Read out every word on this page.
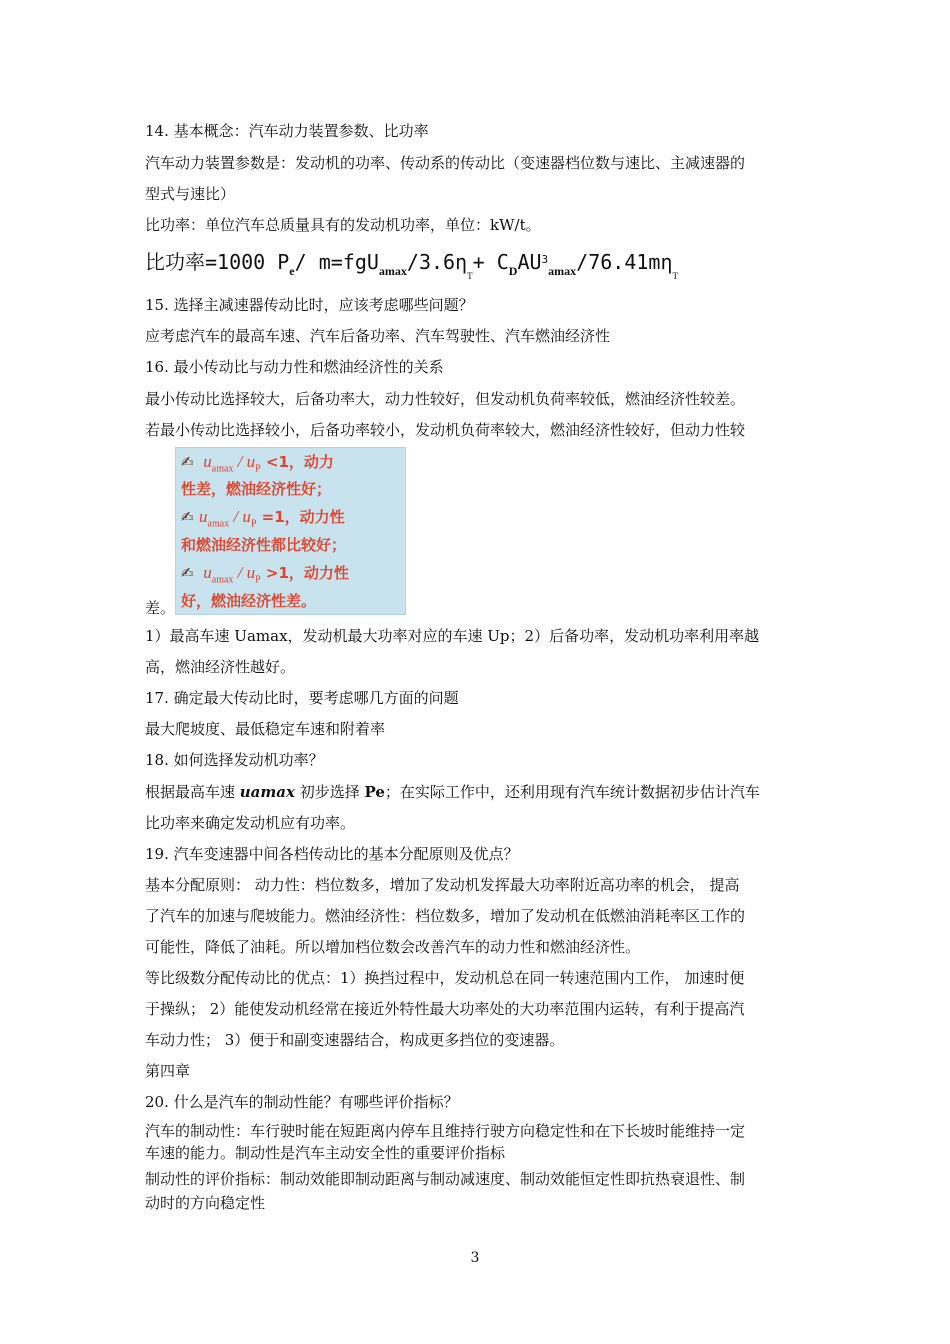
14. 基本概念：汽车动力装置参数、比功率
汽车动力装置参数是：发动机的功率、传动系的传动比（变速器档位数与速比、主减速器的
型式与速比）
比功率：单位汽车总质量具有的发动机功率，单位：kW/t。
比功率=1000 $P_e/$ $m=fgU_{amax}/3.6\eta_T+ C_DAU^3_{amax}/76.41m\eta_T$
15. 选择主减速器传动比时，应该考虑哪些问题？
应考虑汽车的最高车速、汽车后备功率、汽车驾驶性、汽车燃油经济性
16. 最小传动比与动力性和燃油经济性的关系
最小传动比选择较大，后备功率大，动力性较好，但发动机负荷率较低，燃油经济性较差。
若最小传动比选择较小，后备功率较小，发动机负荷率较大，燃油经济性较好，但动力性较
差。
✍ $u_{amax} / u_P <1$，动力
性差，燃油经济性好；
✍ $u_{amax} / u_P =1$，动力性
和燃油经济性都比较好；
✍ $u_{amax} / u_P >1$，动力性
好，燃油经济性差。
1）最高车速 Uamax，发动机最大功率对应的车速 Up；2）后备功率，发动机功率利用率越
高，燃油经济性越好。
17. 确定最大传动比时，要考虑哪几方面的问题
最大爬坡度、最低稳定车速和附着率
18. 如何选择发动机功率？
根据最高车速 uamax 初步选择 Pe；在实际工作中，还利用现有汽车统计数据初步估计汽车
比功率来确定发动机应有功率。
19. 汽车变速器中间各档传动比的基本分配原则及优点？
基本分配原则： 动力性：档位数多，增加了发动机发挥最大功率附近高功率的机会， 提高
了汽车的加速与爬坡能力。燃油经济性：档位数多，增加了发动机在低燃油消耗率区工作的
可能性，降低了油耗。所以增加档位数会改善汽车的动力性和燃油经济性。
等比级数分配传动比的优点：1）换挡过程中，发动机总在同一转速范围内工作， 加速时便
于操纵； 2）能使发动机经常在接近外特性最大功率处的大功率范围内运转，有利于提高汽
车动力性； 3）便于和副变速器结合，构成更多挡位的变速器。
第四章
20. 什么是汽车的制动性能？有哪些评价指标？
汽车的制动性：车行驶时能在短距离内停车且维持行驶方向稳定性和在下长坡时能维持一定
车速的能力。制动性是汽车主动安全性的重要评价指标
制动性的评价指标：制动效能即制动距离与制动减速度、制动效能恒定性即抗热衰退性、制
动时的方向稳定性
3
